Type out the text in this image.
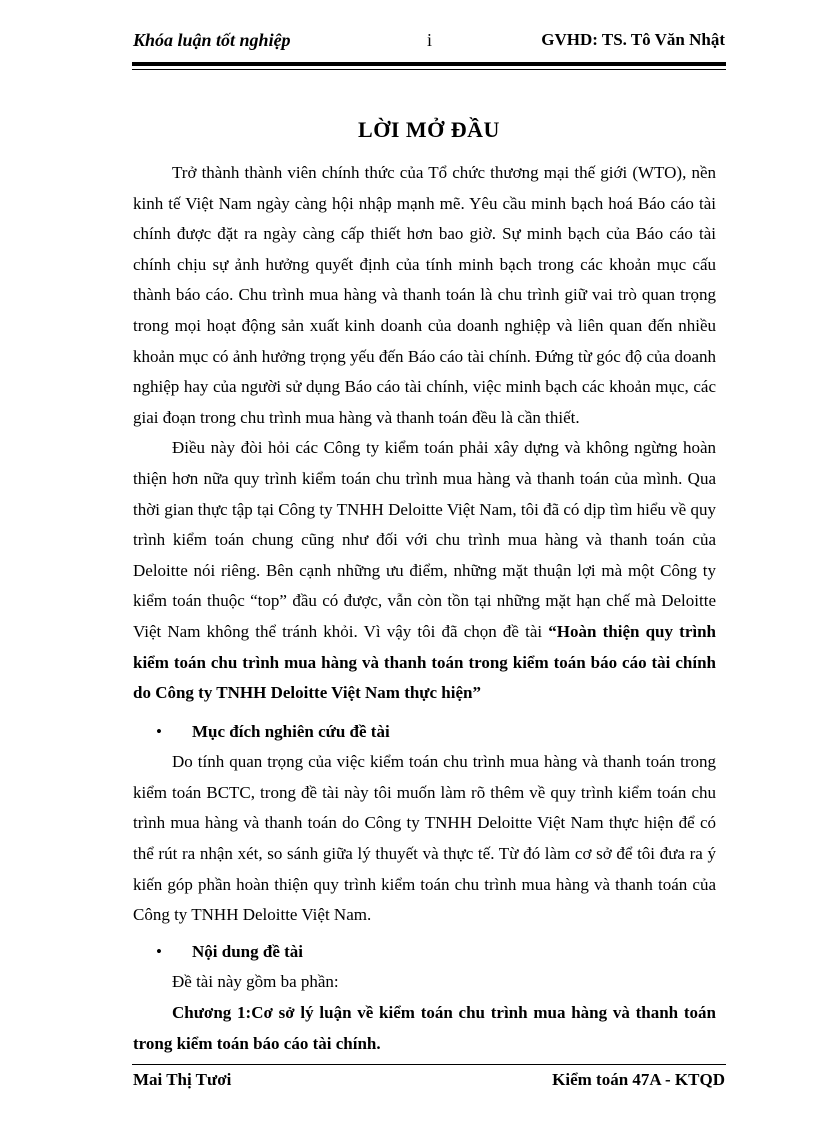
Khóa luận tốt nghiệp	i	GVHD: TS. Tô Văn Nhật
LỜI MỞ ĐẦU

Trở thành thành viên chính thức của Tổ chức thương mại thế giới (WTO), nền kinh tế Việt Nam ngày càng hội nhập mạnh mẽ. Yêu cầu minh bạch hoá Báo cáo tài chính được đặt ra ngày càng cấp thiết hơn bao giờ. Sự minh bạch của Báo cáo tài chính chịu sự ảnh hưởng quyết định của tính minh bạch trong các khoản mục cấu thành báo cáo. Chu trình mua hàng và thanh toán là chu trình giữ vai trò quan trọng trong mọi hoạt động sản xuất kinh doanh của doanh nghiệp và liên quan đến nhiều khoản mục có ảnh hưởng trọng yếu đến Báo cáo tài chính. Đứng từ góc độ của doanh nghiệp hay của người sử dụng Báo cáo tài chính, việc minh bạch các khoản mục, các giai đoạn trong chu trình mua hàng và thanh toán đều là cần thiết.

Điều này đòi hỏi các Công ty kiểm toán phải xây dựng và không ngừng hoàn thiện hơn nữa quy trình kiểm toán chu trình mua hàng và thanh toán của mình. Qua thời gian thực tập tại Công ty TNHH Deloitte Việt Nam, tôi đã có dịp tìm hiểu về quy trình kiểm toán chung cũng như đối với chu trình mua hàng và thanh toán của Deloitte nói riêng. Bên cạnh những ưu điểm, những mặt thuận lợi mà một Công ty kiểm toán thuộc “top” đầu có được, vẫn còn tồn tại những mặt hạn chế mà Deloitte Việt Nam không thể tránh khỏi. Vì vậy tôi đã chọn đề tài “Hoàn thiện quy trình kiểm toán chu trình mua hàng và thanh toán trong kiểm toán báo cáo tài chính do Công ty TNHH Deloitte Việt Nam thực hiện”

• Mục đích nghiên cứu đề tài

Do tính quan trọng của việc kiểm toán chu trình mua hàng và thanh toán trong kiểm toán BCTC, trong đề tài này tôi muốn làm rõ thêm về quy trình kiểm toán chu trình mua hàng và thanh toán do Công ty TNHH Deloitte Việt Nam thực hiện để có thể rút ra nhận xét, so sánh giữa lý thuyết và thực tế. Từ đó làm cơ sở để tôi đưa ra ý kiến góp phần hoàn thiện quy trình kiểm toán chu trình mua hàng và thanh toán của Công ty TNHH Deloitte Việt Nam.

• Nội dung đề tài

Đề tài này gồm ba phần:

Chương 1:Cơ sở lý luận về kiểm toán chu trình mua hàng và thanh toán trong kiểm toán báo cáo tài chính.

Mai Thị Tươi	Kiểm toán 47A - KTQD
